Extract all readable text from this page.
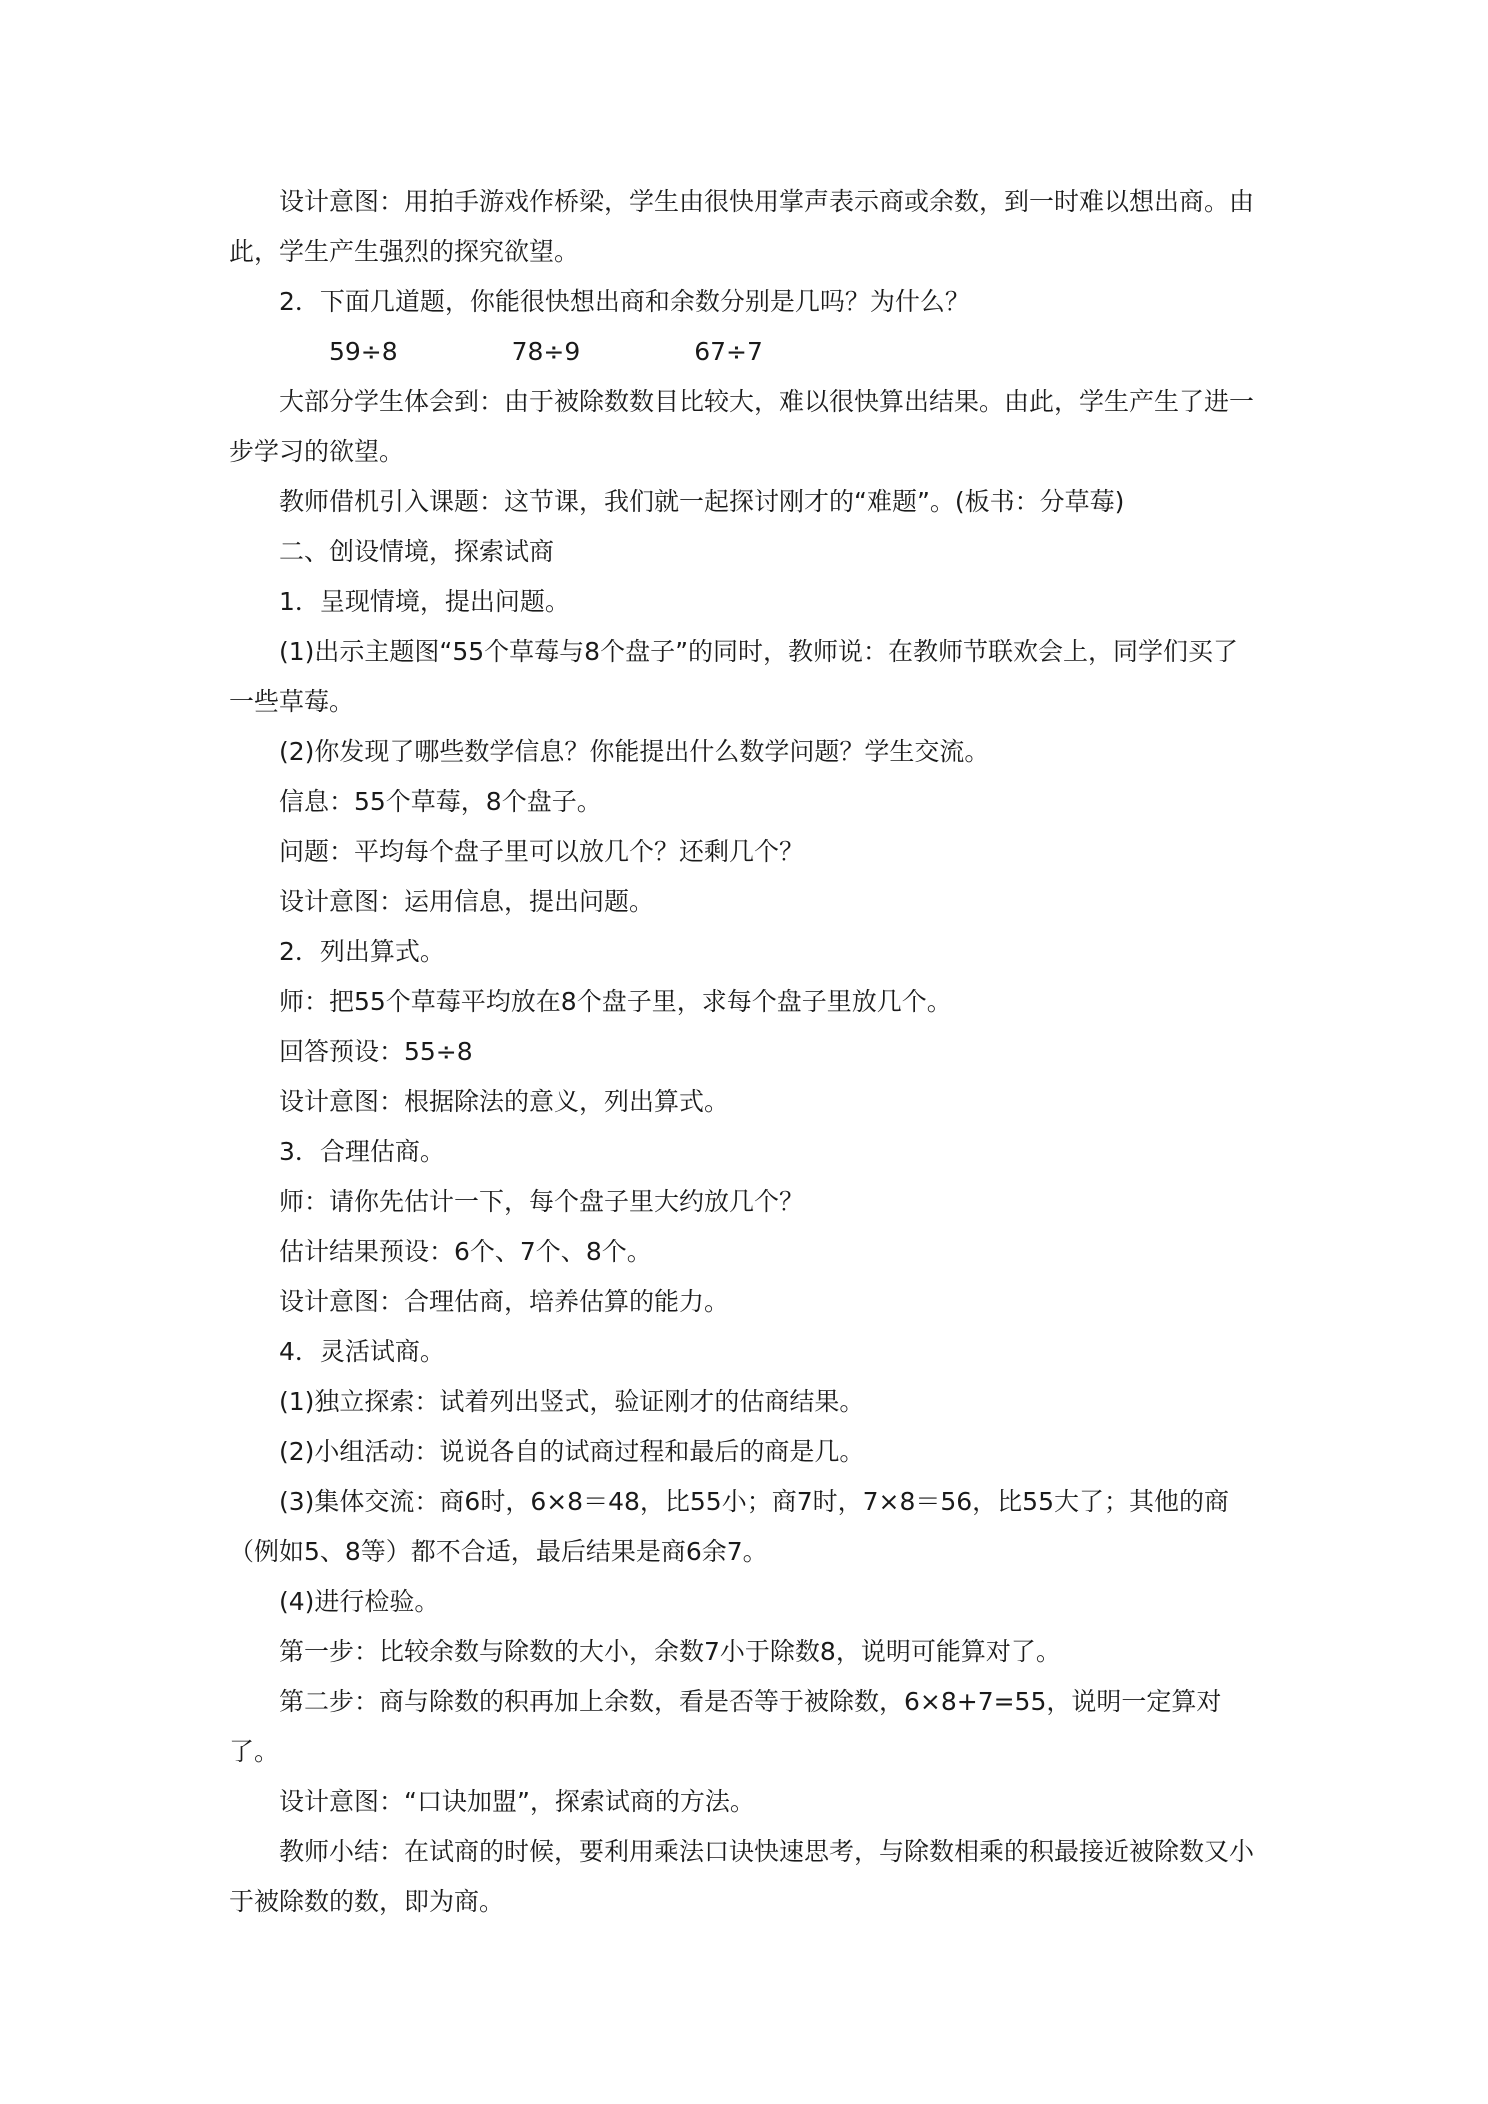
设计意图：用拍手游戏作桥梁，学生由很快用掌声表示商或余数，到一时难以想出商。由此，学生产生强烈的探究欲望。

2．下面几道题，你能很快想出商和余数分别是几吗？为什么？

59÷8	78÷9	67÷7

大部分学生体会到：由于被除数数目比较大，难以很快算出结果。由此，学生产生了进一步学习的欲望。

教师借机引入课题：这节课，我们就一起探讨刚才的“难题”。(板书：分草莓)

二、创设情境，探索试商

1．呈现情境，提出问题。

(1)出示主题图“55个草莓与8个盘子”的同时，教师说：在教师节联欢会上，同学们买了一些草莓。

(2)你发现了哪些数学信息？你能提出什么数学问题？学生交流。

信息：55个草莓，8个盘子。

问题：平均每个盘子里可以放几个？还剩几个？

设计意图：运用信息，提出问题。

2．列出算式。

师：把55个草莓平均放在8个盘子里，求每个盘子里放几个。

回答预设：55÷8

设计意图：根据除法的意义，列出算式。

3．合理估商。

师：请你先估计一下，每个盘子里大约放几个？

估计结果预设：6个、7个、8个。

设计意图：合理估商，培养估算的能力。

4．灵活试商。

(1)独立探索：试着列出竖式，验证刚才的估商结果。

(2)小组活动：说说各自的试商过程和最后的商是几。

(3)集体交流：商6时，6×8＝48，比55小；商7时，7×8＝56，比55大了；其他的商（例如5、8等）都不合适，最后结果是商6余7。

(4)进行检验。

第一步：比较余数与除数的大小，余数7小于除数8，说明可能算对了。

第二步：商与除数的积再加上余数，看是否等于被除数，6×8+7=55，说明一定算对了。

设计意图：“口诀加盟”，探索试商的方法。

教师小结：在试商的时候，要利用乘法口诀快速思考，与除数相乘的积最接近被除数又小于被除数的数，即为商。
